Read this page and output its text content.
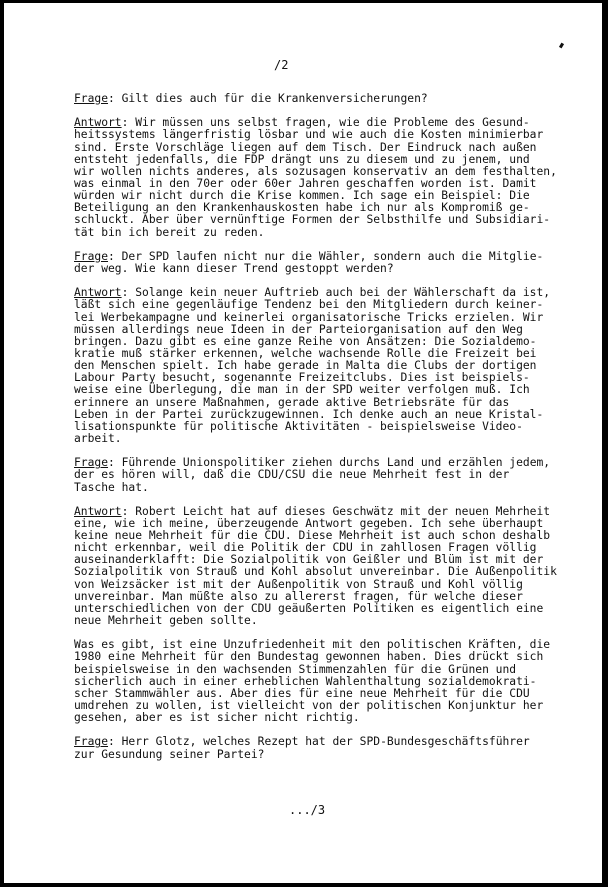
/2
Frage: Gilt dies auch für die Krankenversicherungen?
Antwort: Wir müssen uns selbst fragen, wie die Probleme des Gesund-
heitssystems längerfristig lösbar und wie auch die Kosten minimierbar
sind. Erste Vorschläge liegen auf dem Tisch. Der Eindruck nach außen
entsteht jedenfalls, die FDP drängt uns zu diesem und zu jenem, und
wir wollen nichts anderes, als sozusagen konservativ an dem festhalten,
was einmal in den 70er oder 60er Jahren geschaffen worden ist. Damit
würden wir nicht durch die Krise kommen. Ich sage ein Beispiel: Die
Beteiligung an den Krankenhauskosten habe ich nur als Kompromiß ge-
schluckt. Aber über vernünftige Formen der Selbsthilfe und Subsidiari-
tät bin ich bereit zu reden.
Frage: Der SPD laufen nicht nur die Wähler, sondern auch die Mitglie-
der weg. Wie kann dieser Trend gestoppt werden?
Antwort: Solange kein neuer Auftrieb auch bei der Wählerschaft da ist,
läßt sich eine gegenläufige Tendenz bei den Mitgliedern durch keiner-
lei Werbekampagne und keinerlei organisatorische Tricks erzielen. Wir
müssen allerdings neue Ideen in der Parteiorganisation auf den Weg
bringen. Dazu gibt es eine ganze Reihe von Ansätzen: Die Sozialdemo-
kratie muß stärker erkennen, welche wachsende Rolle die Freizeit bei
den Menschen spielt. Ich habe gerade in Malta die Clubs der dortigen
Labour Party besucht, sogenannte Freizeitclubs. Dies ist beispiels-
weise eine Überlegung, die man in der SPD weiter verfolgen muß. Ich
erinnere an unsere Maßnahmen, gerade aktive Betriebsräte für das
Leben in der Partei zurückzugewinnen. Ich denke auch an neue Kristal-
lisationspunkte für politische Aktivitäten - beispielsweise Video-
arbeit.
Frage: Führende Unionspolitiker ziehen durchs Land und erzählen jedem,
der es hören will, daß die CDU/CSU die neue Mehrheit fest in der
Tasche hat.
Antwort: Robert Leicht hat auf dieses Geschwätz mit der neuen Mehrheit
eine, wie ich meine, überzeugende Antwort gegeben. Ich sehe überhaupt
keine neue Mehrheit für die CDU. Diese Mehrheit ist auch schon deshalb
nicht erkennbar, weil die Politik der CDU in zahllosen Fragen völlig
auseinanderklafft: Die Sozialpolitik von Geißler und Blüm ist mit der
Sozialpolitik von Strauß und Kohl absolut unvereinbar. Die Außenpolitik
von Weizsäcker ist mit der Außenpolitik von Strauß und Kohl völlig
unvereinbar. Man müßte also zu allererst fragen, für welche dieser
unterschiedlichen von der CDU geäußerten Politiken es eigentlich eine
neue Mehrheit geben sollte.
Was es gibt, ist eine Unzufriedenheit mit den politischen Kräften, die
1980 eine Mehrheit für den Bundestag gewonnen haben. Dies drückt sich
beispielsweise in den wachsenden Stimmenzahlen für die Grünen und
sicherlich auch in einer erheblichen Wahlenthaltung sozialdemokrati-
scher Stammwähler aus. Aber dies für eine neue Mehrheit für die CDU
umdrehen zu wollen, ist vielleicht von der politischen Konjunktur her
gesehen, aber es ist sicher nicht richtig.
Frage: Herr Glotz, welches Rezept hat der SPD-Bundesgeschäftsführer
zur Gesundung seiner Partei?
.../3
